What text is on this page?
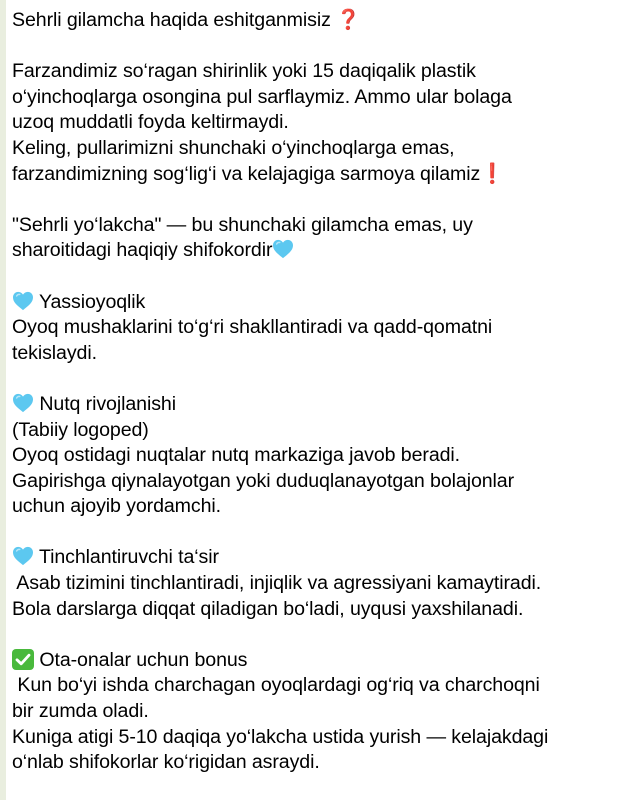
Sehrli gilamcha haqida eshitganmisiz ❓
Farzandimiz so‘ragan shirinlik yoki 15 daqiqalik plastik
o‘yinchoqlarga osongina pul sarflaymiz. Ammo ular bolaga
uzoq muddatli foyda keltirmaydi.
Keling, pullarimizni shunchaki o‘yinchoqlarga emas,
farzandimizning sog‘lig‘i va kelajagiga sarmoya qilamiz❗
"Sehrli yo‘lakcha" — bu shunchaki gilamcha emas, uy
sharoitidagi haqiqiy shifokordir
Yassioyoqlik
Oyoq mushaklarini to‘g‘ri shakllantiradi va qadd-qomatni
tekislaydi.
Nutq rivojlanishi
(Tabiiy logoped)
Oyoq ostidagi nuqtalar nutq markaziga javob beradi.
Gapirishga qiynalayotgan yoki duduqlanayotgan bolajonlar
uchun ajoyib yordamchi.
Tinchlantiruvchi ta‘sir
Asab tizimini tinchlantiradi, injiqlik va agressiyani kamaytiradi.
Bola darslarga diqqat qiladigan bo‘ladi, uyqusi yaxshilanadi.
Ota-onalar uchun bonus
Kun bo‘yi ishda charchagan oyoqlardagi og‘riq va charchoqni
bir zumda oladi.
Kuniga atigi 5-10 daqiqa yo‘lakcha ustida yurish — kelajakdagi
o‘nlab shifokorlar ko‘rigidan asraydi.
